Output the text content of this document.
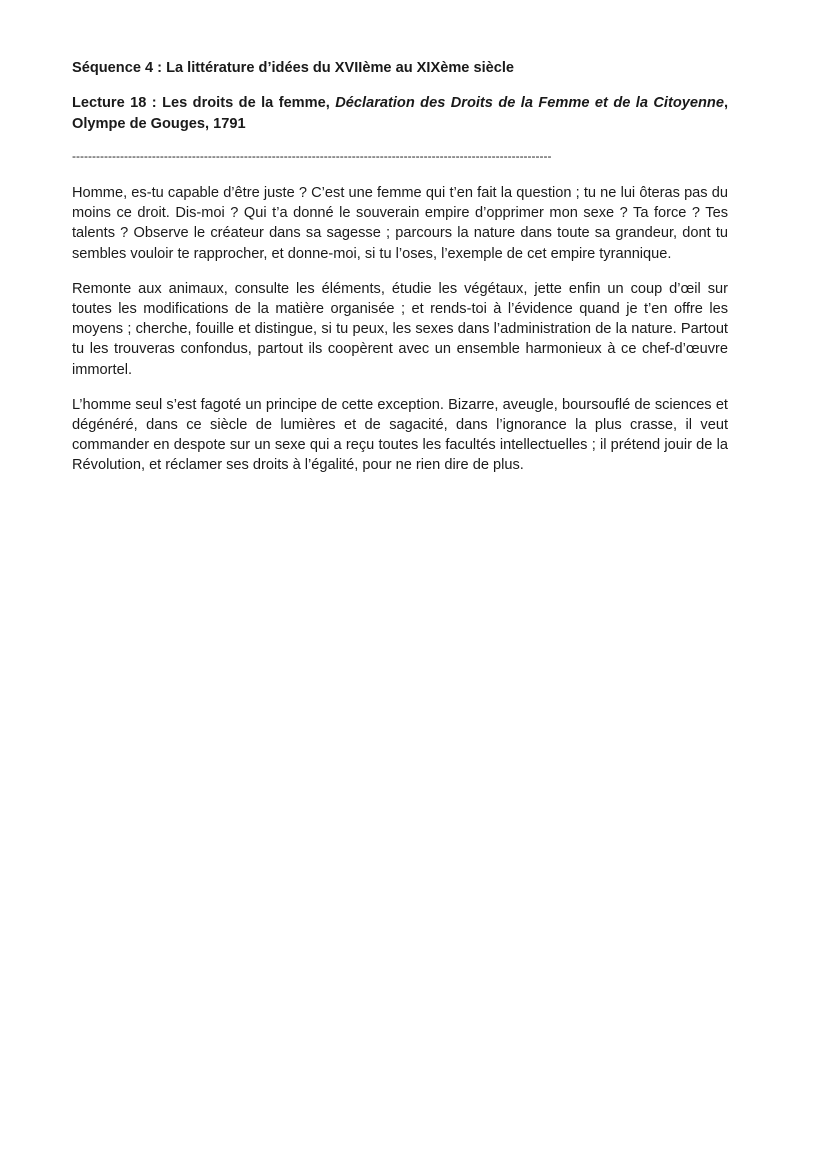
Séquence 4 : La littérature d’idées du XVIIème au XIXème siècle

Lecture 18 : Les droits de la femme, Déclaration des Droits de la Femme et de la Citoyenne, Olympe de Gouges, 1791

------------------------------------------------------------------------------------------------------------------------

Homme, es-tu capable d’être juste ? C’est une femme qui t’en fait la question ; tu ne lui ôteras pas du moins ce droit. Dis-moi ? Qui t’a donné le souverain empire d’opprimer mon sexe ? Ta force ? Tes talents ? Observe le créateur dans sa sagesse ; parcours la nature dans toute sa grandeur, dont tu sembles vouloir te rapprocher, et donne-moi, si tu l’oses, l’exemple de cet empire tyrannique.

Remonte aux animaux, consulte les éléments, étudie les végétaux, jette enfin un coup d’œil sur toutes les modifications de la matière organisée ; et rends-toi à l’évidence quand je t’en offre les moyens ; cherche, fouille et distingue, si tu peux, les sexes dans l’administration de la nature. Partout tu les trouveras confondus, partout ils coopèrent avec un ensemble harmonieux à ce chef-d’œuvre immortel.

L’homme seul s’est fagoté un principe de cette exception. Bizarre, aveugle, boursouflé de sciences et dégénéré, dans ce siècle de lumières et de sagacité, dans l’ignorance la plus crasse, il veut commander en despote sur un sexe qui a reçu toutes les facultés intellectuelles ; il prétend jouir de la Révolution, et réclamer ses droits à l’égalité, pour ne rien dire de plus.
